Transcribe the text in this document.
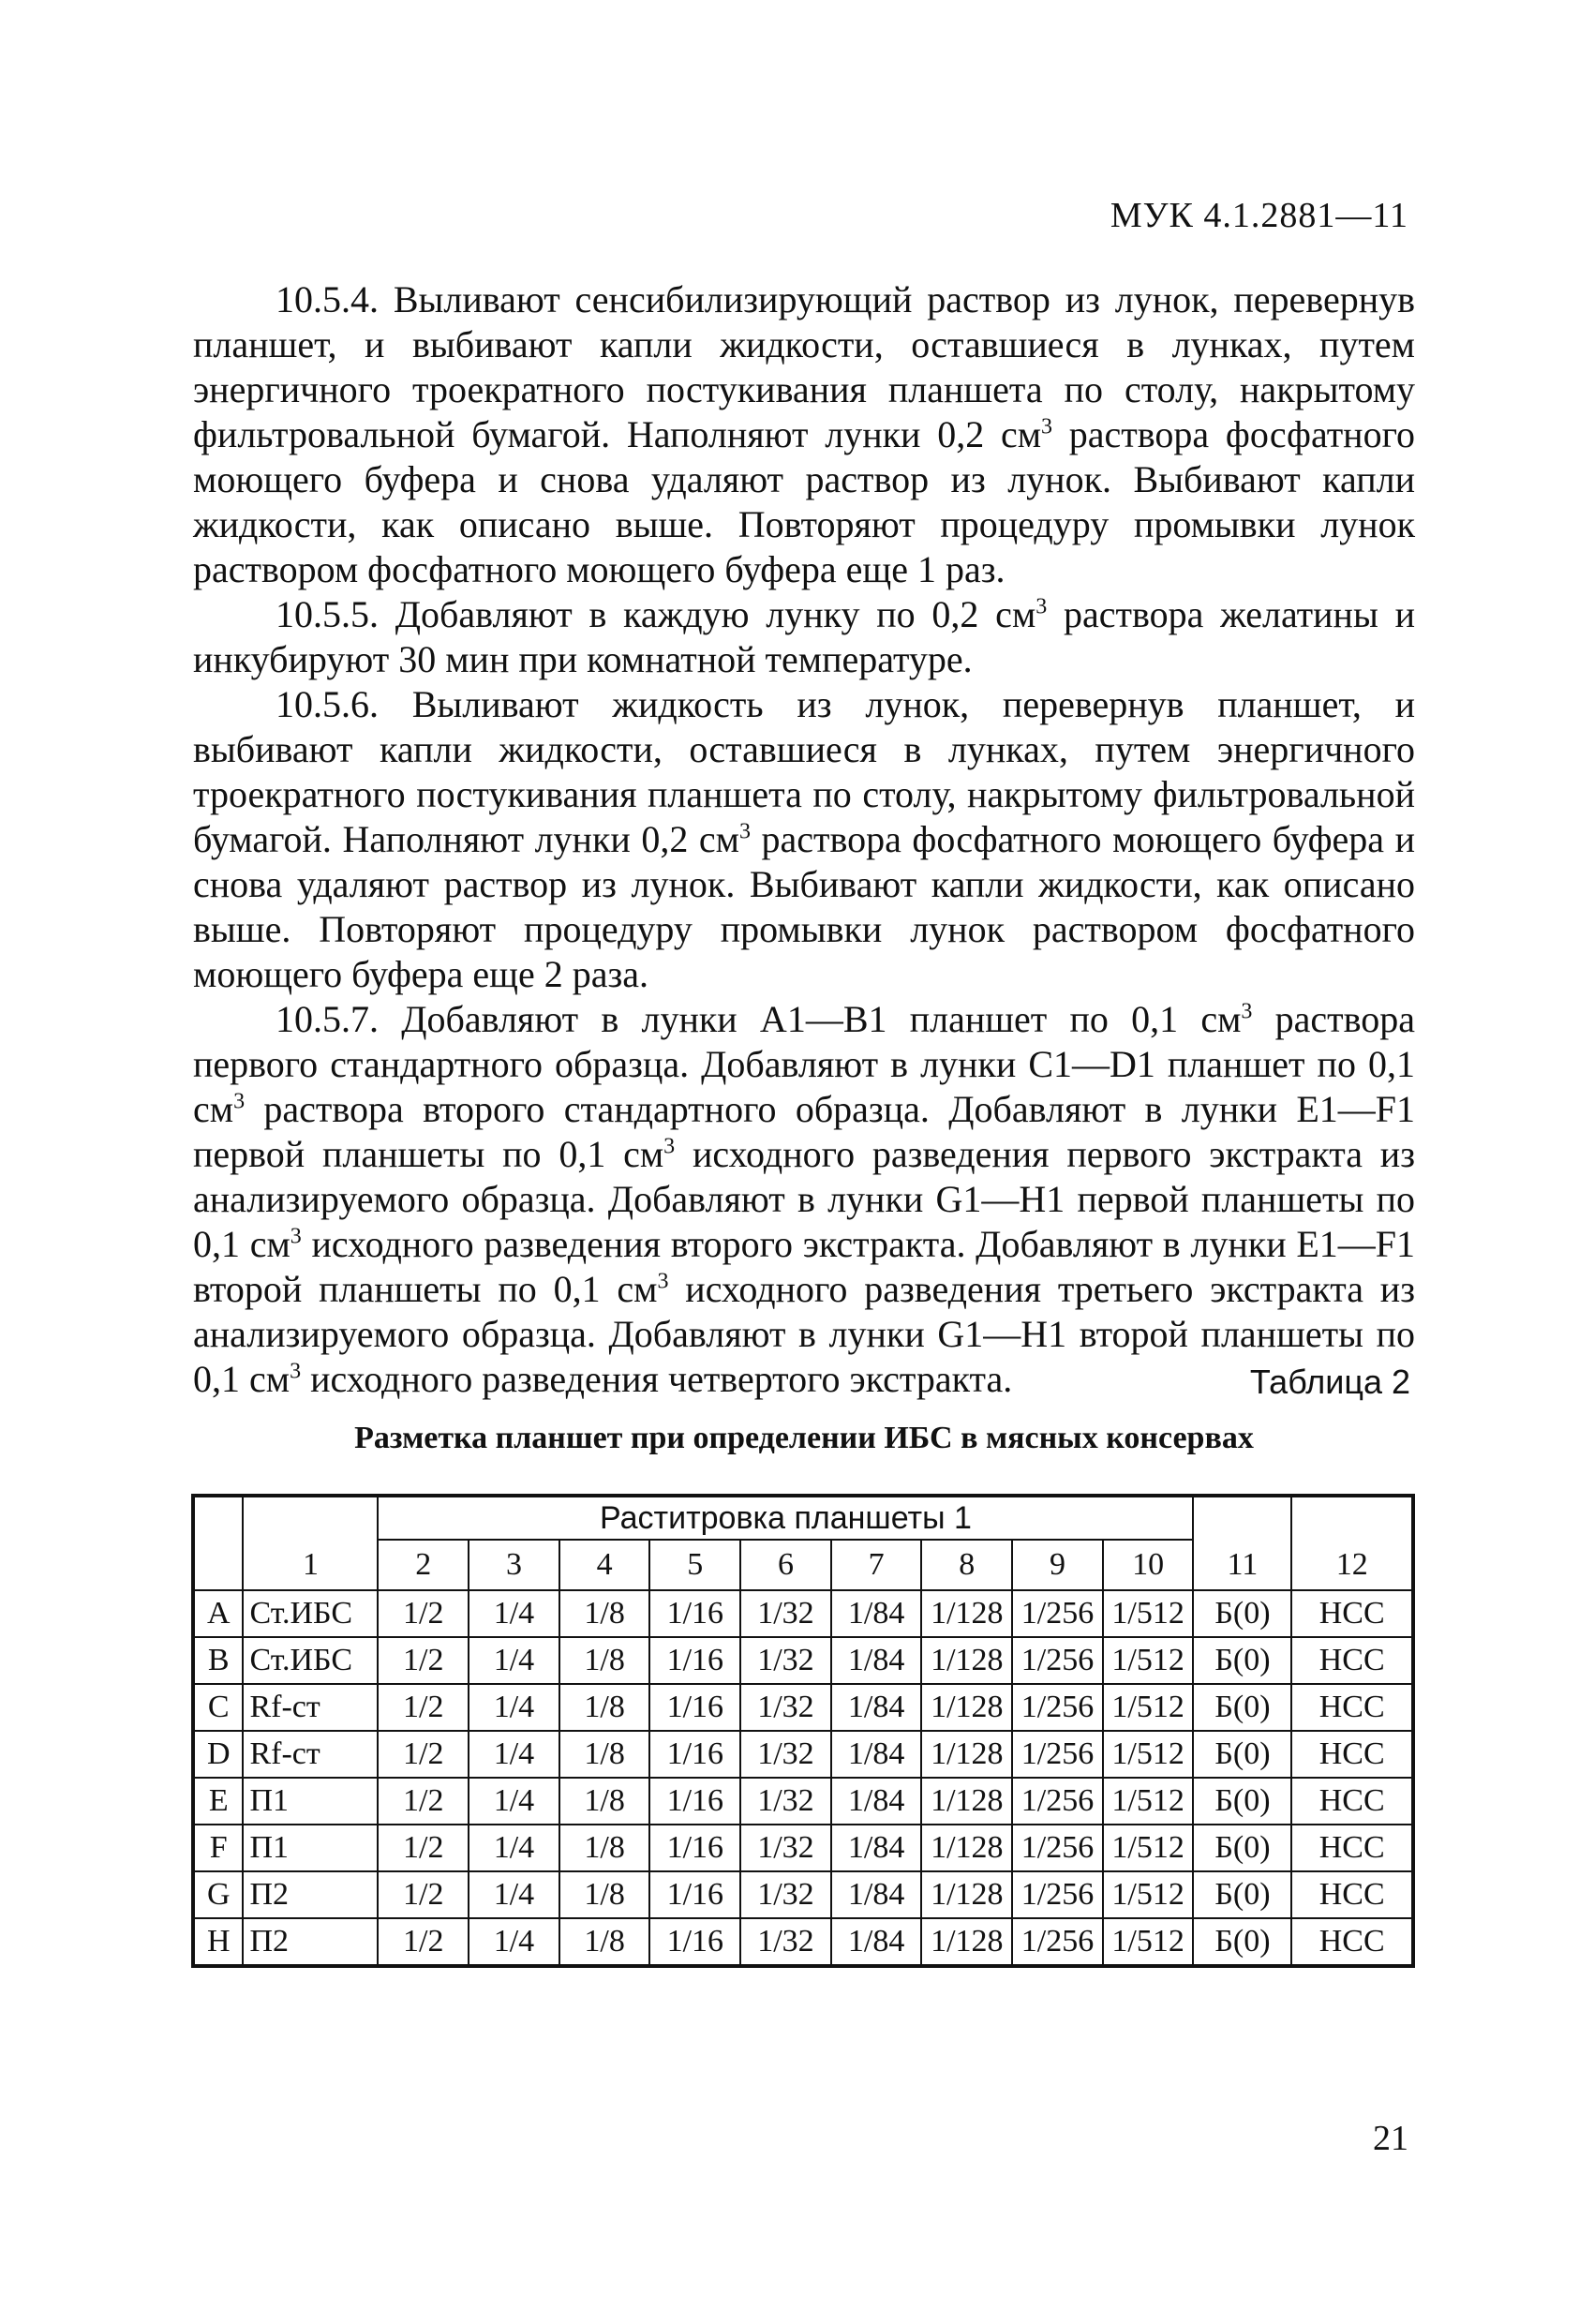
МУК 4.1.2881—11

10.5.4. Выливают сенсибилизирующий раствор из лунок, перевернув планшет, и выбивают капли жидкости, оставшиеся в лунках, путем энергичного троекратного постукивания планшета по столу, накрытому фильтровальной бумагой. Наполняют лунки 0,2 $см^3$ раствора фосфатного моющего буфера и снова удаляют раствор из лунок. Выбивают капли жидкости, как описано выше. Повторяют процедуру промывки лунок раствором фосфатного моющего буфера еще 1 раз.

10.5.5. Добавляют в каждую лунку по 0,2 $см^3$ раствора желатины и инкубируют 30 мин при комнатной температуре.

10.5.6. Выливают жидкость из лунок, перевернув планшет, и выбивают капли жидкости, оставшиеся в лунках, путем энергичного троекратного постукивания планшета по столу, накрытому фильтровальной бумагой. Наполняют лунки 0,2 $см^3$ раствора фосфатного моющего буфера и снова удаляют раствор из лунок. Выбивают капли жидкости, как описано выше. Повторяют процедуру промывки лунок раствором фосфатного моющего буфера еще 2 раза.

10.5.7. Добавляют в лунки А1—В1 планшет по 0,1 $см^3$ раствора первого стандартного образца. Добавляют в лунки С1—D1 планшет по 0,1 $см^3$ раствора второго стандартного образца. Добавляют в лунки Е1—F1 первой планшеты по 0,1 $см^3$ исходного разведения первого экстракта из анализируемого образца. Добавляют в лунки G1—H1 первой планшеты по 0,1 $см^3$ исходного разведения второго экстракта. Добавляют в лунки Е1—F1 второй планшеты по 0,1 $см^3$ исходного разведения третьего экстракта из анализируемого образца. Добавляют в лунки G1—H1 второй планшеты по 0,1 $см^3$ исходного разведения четвертого экстракта.	Таблица 2
Разметка планшет при определении ИБС в мясных консервах
		Раститровка планшеты 1										
	1	2	3	4	5	6	7	8	9	10	11	12
A	Ст.ИБС	1/2	1/4	1/8	1/16	1/32	1/84	1/128	1/256	1/512	Б(0)	НСС
B	Ст.ИБС	1/2	1/4	1/8	1/16	1/32	1/84	1/128	1/256	1/512	Б(0)	НСС
C	Rf-ст	1/2	1/4	1/8	1/16	1/32	1/84	1/128	1/256	1/512	Б(0)	НСС
D	Rf-ст	1/2	1/4	1/8	1/16	1/32	1/84	1/128	1/256	1/512	Б(0)	НСС
E	П1	1/2	1/4	1/8	1/16	1/32	1/84	1/128	1/256	1/512	Б(0)	НСС
F	П1	1/2	1/4	1/8	1/16	1/32	1/84	1/128	1/256	1/512	Б(0)	НСС
G	П2	1/2	1/4	1/8	1/16	1/32	1/84	1/128	1/256	1/512	Б(0)	НСС
H	П2	1/2	1/4	1/8	1/16	1/32	1/84	1/128	1/256	1/512	Б(0)	НСС
21
